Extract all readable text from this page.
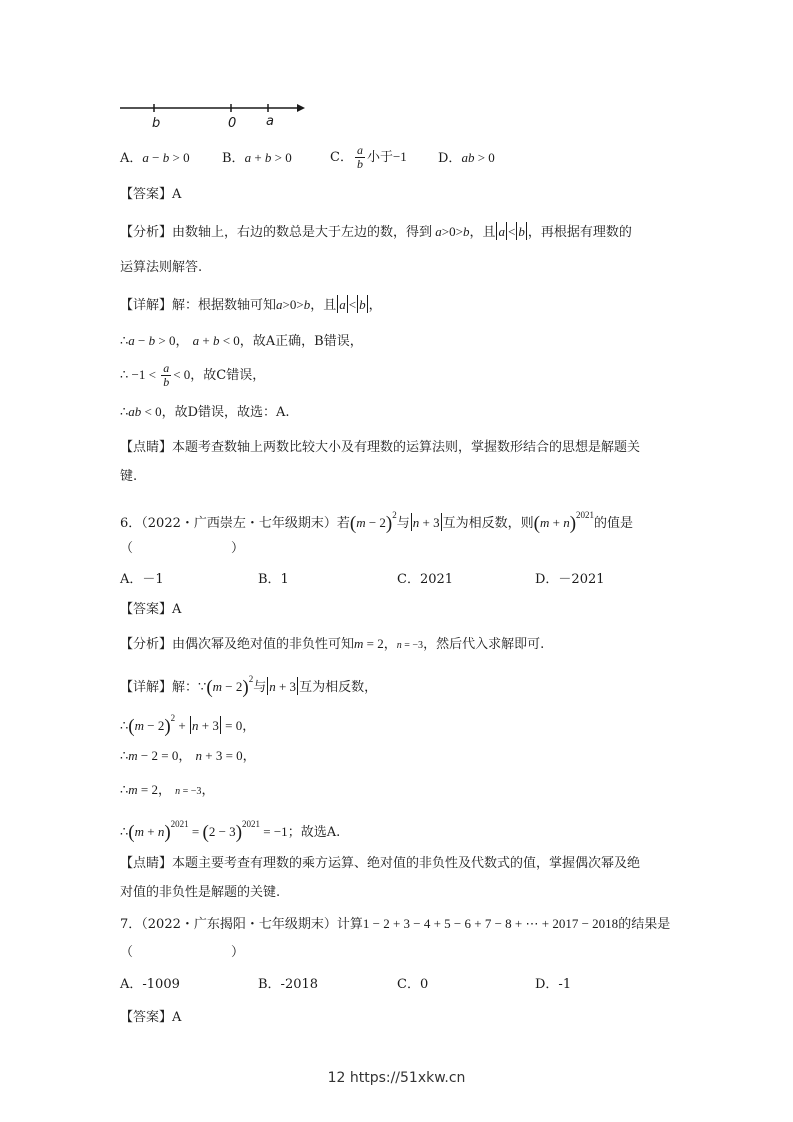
b	0 a
A．a − b > 0 B．a + b > 0	C． $\frac{a}{b}$ 小于−1 D．ab > 0
【答案】A
【分析】由数轴上，右边的数总是大于左边的数，得到 a>0>b，且 a < b ，再根据有理数的
运算法则解答.
【详解】解：根据数轴可知a>0>b，且 a < b ，
∴a − b > 0， a + b < 0，故A正确，B错误，
∴ $-1 < \frac{a}{b} < 0$，故C错误，
∴ab < 0，故D错误，故选：A.
【点睛】本题考查数轴上两数比较大小及有理数的运算法则，掌握数形结合的思想是解题关
键.
6．（2022・广西崇左・七年级期末）若$(m - 2)^2$与 n + 3 互为相反数，则$(m + n)^{2021}$的值是
（	）
A．－1	B．1	C．2021	D．－2021
【答案】A
【分析】由偶次幂及绝对值的非负性可知m = 2，n = −3，然后代入求解即可.
【详解】解：∵(m − 2)$^2$与 n + 3 互为相反数，
∴(m − 2)$^2$ + n + 3 = 0，
∴m − 2 = 0， n + 3 = 0，
∴m = 2， n = −3，
∴(m + $n)^{2021} = (2 - 3)^{2021} = -1$；故选A.
【点睛】本题主要考查有理数的乘方运算、绝对值的非负性及代数式的值，掌握偶次幂及绝
对值的非负性是解题的关键.
7．（2022・广东揭阳・七年级期末）计算1 − 2 + 3 − 4 + 5 − 6 + 7 − 8 + ⋯ + 2017 − 2018的结果是
（	）
A．-1009	B．-2018	C．0	D．-1
【答案】A
12 https://51xkw.cn
